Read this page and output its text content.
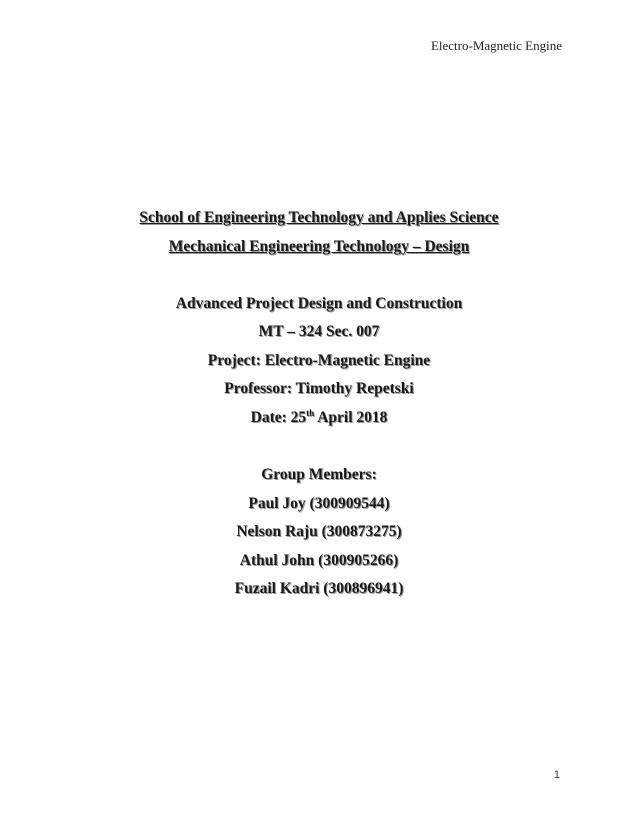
Electro-Magnetic Engine
School of Engineering Technology and Applies Science
Mechanical Engineering Technology – Design
Advanced Project Design and Construction
MT – 324 Sec. 007
Project: Electro-Magnetic Engine
Professor: Timothy Repetski
Date: 25th April 2018
Group Members:
Paul Joy (300909544)
Nelson Raju (300873275)
Athul John (300905266)
Fuzail Kadri (300896941)
1
